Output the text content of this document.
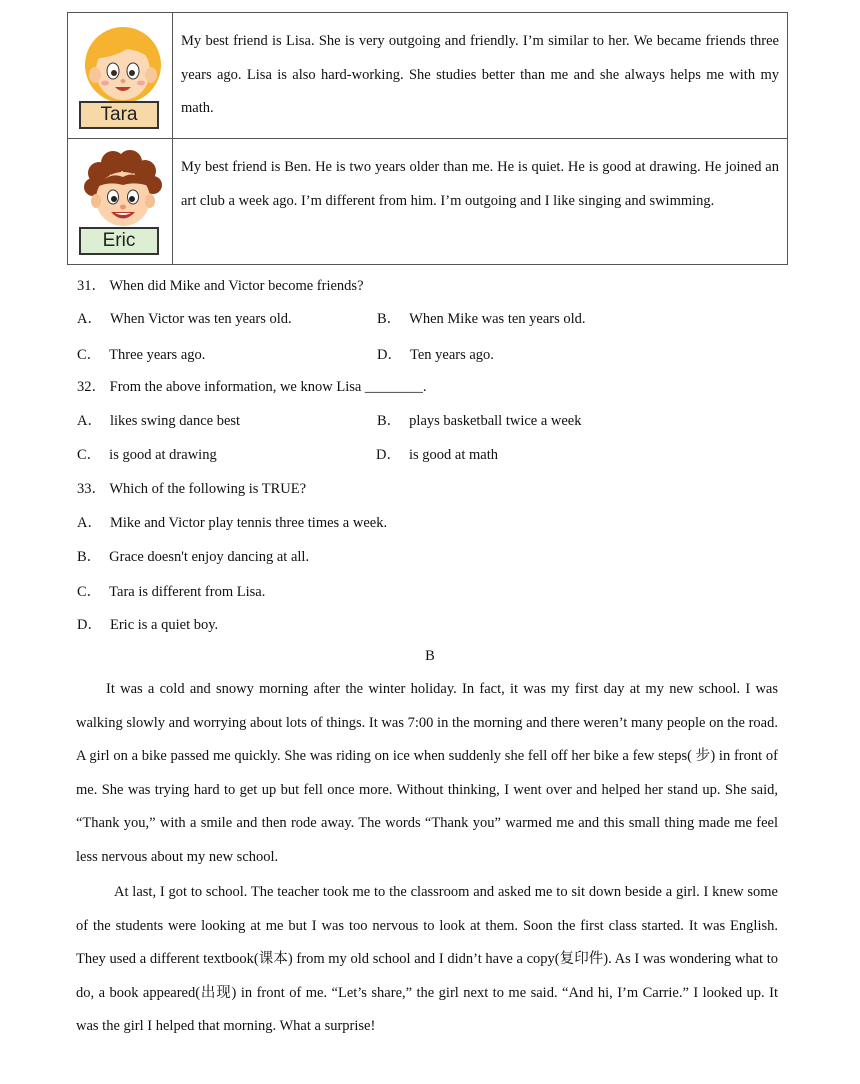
Tara
My best friend is Lisa. She is very outgoing and friendly. I’m similar to her. We became friends three years ago. Lisa is also hard-working. She studies better than me and she always helps me with my math.
Eric
My best friend is Ben. He is two years older than me. He is quiet. He is good at drawing. He joined an art club a week ago. I’m different from him. I’m outgoing and I like singing and swimming.
31． When did Mike and Victor become friends?
A． When Victor was ten years old.	B． When Mike was ten years old.
C． Three years ago.	D． Ten years ago.
32． From the above information, we know Lisa ________.
A． likes swing dance best	B． plays basketball twice a week
C． is good at drawing	D． is good at math
33． Which of the following is TRUE?
A． Mike and Victor play tennis three times a week.
B． Grace doesn't enjoy dancing at all.
C． Tara is different from Lisa.
D． Eric is a quiet boy.
B
It was a cold and snowy morning after the winter holiday. In fact, it was my first day at my new school. I was walking slowly and worrying about lots of things. It was 7:00 in the morning and there weren’t many people on the road. A girl on a bike passed me quickly. She was riding on ice when suddenly she fell off her bike a few steps( 步) in front of me. She was trying hard to get up but fell once more. Without thinking, I went over and helped her stand up. She said, “Thank you,” with a smile and then rode away. The words “Thank you” warmed me and this small thing made me feel less nervous about my new school.
At last, I got to school. The teacher took me to the classroom and asked me to sit down beside a girl. I knew some of the students were looking at me but I was too nervous to look at them. Soon the first class started. It was English. They used a different textbook(课本) from my old school and I didn’t have a copy(复印件). As I was wondering what to do, a book appeared(出现) in front of me. “Let’s share,” the girl next to me said. “And hi, I’m Carrie.” I looked up. It was the girl I helped that morning. What a surprise!
